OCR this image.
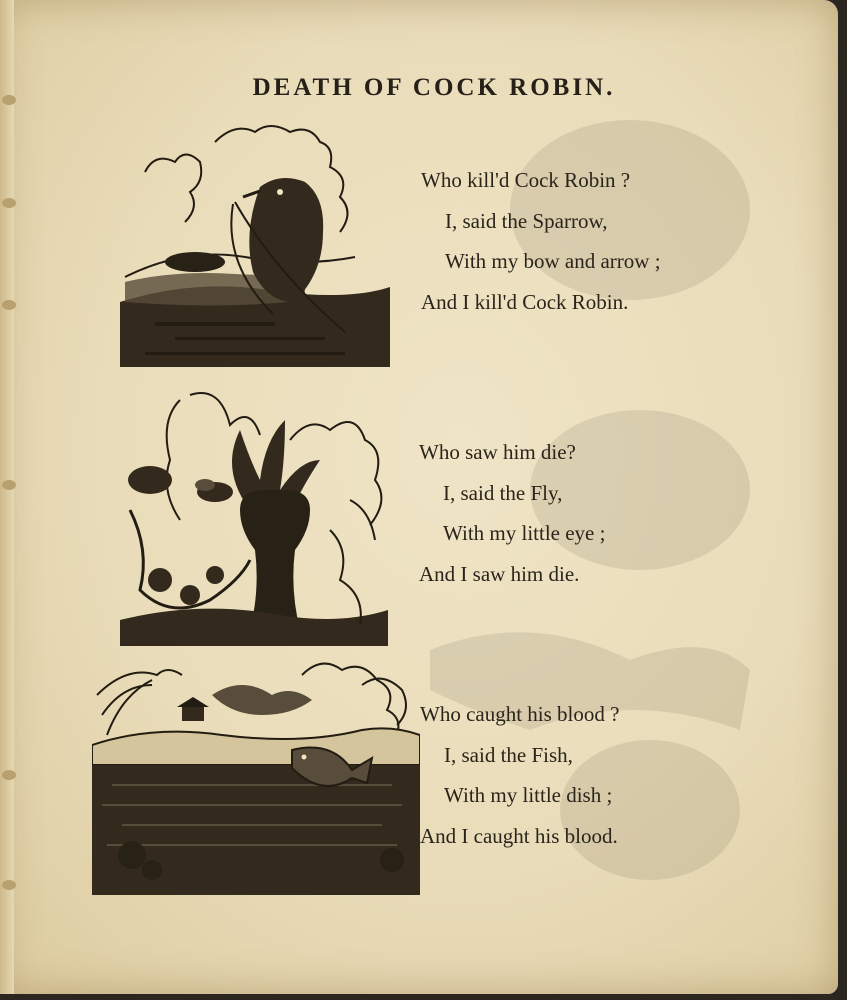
DEATH OF COCK ROBIN.
Who kill'd Cock Robin ?
I, said the Sparrow,
With my bow and arrow ;
And I kill'd Cock Robin.
Who saw him die?
I, said the Fly,
With my little eye ;
And I saw him die.
Who caught his blood ?
I, said the Fish,
With my little dish ;
And I caught his blood.
